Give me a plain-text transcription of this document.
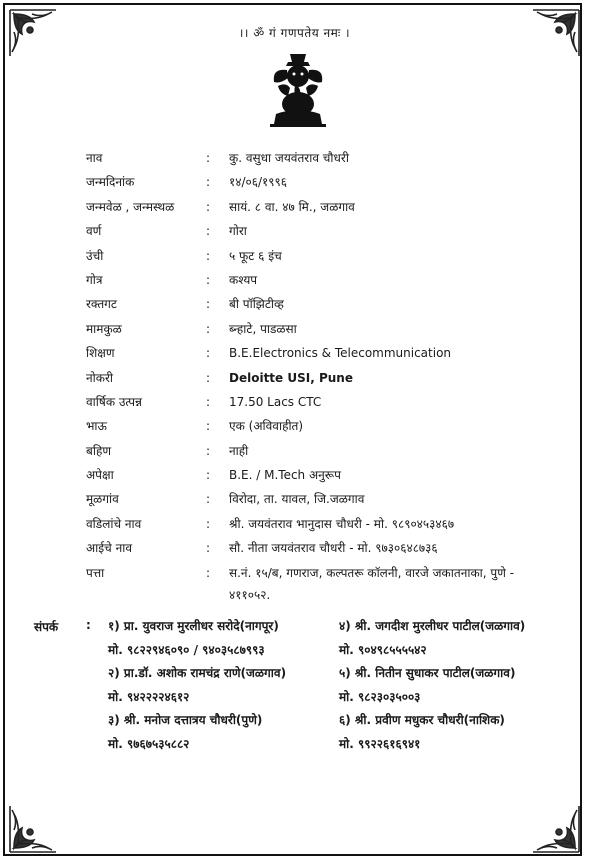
।। ॐ गं गणपतेय नमः ।
नाव	: कु. वसुधा जयवंतराव चौधरी
जन्मदिनांक	: १४/०६/१९९६
जन्मवेळ , जन्मस्थळ	: सायं. ८ वा. ४७ मि., जळगाव
वर्ण	: गोरा
उंची	: ५ फूट ६ इंच
गोत्र	: कश्यप
रक्तगट	: बी पॉझिटीव्ह
मामकुळ	: ब्न्हाटे, पाडळसा
शिक्षण	: B.E.Electronics & Telecommunication
नोकरी	: Deloitte USI, Pune
वार्षिक उत्पन्न	: 17.50 Lacs CTC
भाऊ	: एक (अविवाहीत)
बहिण	: नाही
अपेक्षा	: B.E. / M.Tech अनुरूप
मूळगांव	: विरोदा, ता. यावल, जि.जळगाव
वडिलांचे नाव	: श्री. जयवंतराव भानुदास चौधरी - मो. ९८९०४५३४६७
आईचे नाव	: सौ. नीता जयवंतराव चौधरी - मो. ९७३०६४८७३६
पत्ता	: स.नं. १५/ब, गणराज, कल्पतरू कॉलनी, वारजे जकातनाका, पुणे - ४११०५२.
संपर्क : १) प्रा. युवराज मुरलीधर सरोदे(नागपूर)
मो. ९८२२९४६०९० / ९४०३५८७९९३
२) प्रा.डॉ. अशोक रामचंद्र राणे(जळगाव)
मो. ९४२२२२४६१२
३) श्री. मनोज दत्तात्रय चौधरी(पुणे)
मो. ९७६७५३५८८२
४) श्री. जगदीश मुरलीधर पाटील(जळगाव)
मो. ९०४९८५५५५४२
५) श्री. नितीन सुधाकर पाटील(जळगाव)
मो. ९८२३०३५००३
६) श्री. प्रवीण मधुकर चौधरी(नाशिक)
मो. ९९२२६१६९४१
